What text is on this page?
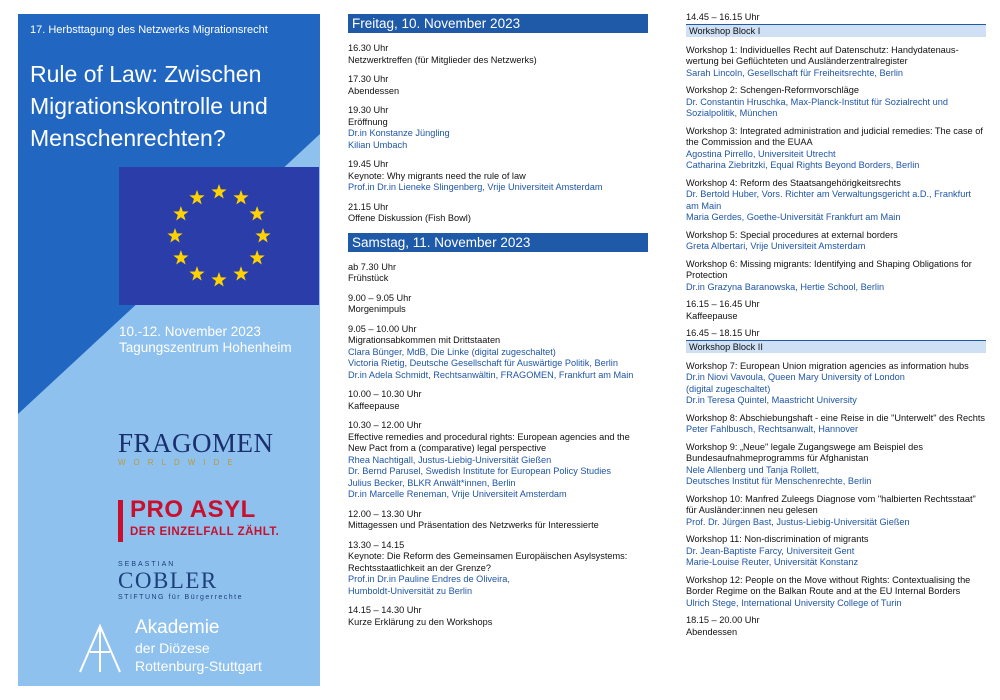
17. Herbsttagung des Netzwerks Migrationsrecht
Rule of Law: Zwischen Migrationskontrolle und Menschenrechten?
10.-12. November 2023
Tagungszentrum Hohenheim
FRAGOMEN
WORLDWIDE
PRO ASYL
DER EINZELFALL ZÄHLT.
SEBASTIAN
COBLER
STIFTUNG für Bürgerrechte
Akademie
der Diözese
Rottenburg-Stuttgart
Freitag, 10. November 2023

16.30 Uhr

Netzwerktreffen (für Mitglieder des Netzwerks)

17.30 Uhr

Abendessen

19.30 Uhr

Eröffnung

Dr.in Konstanze Jüngling

Kilian Umbach

19.45 Uhr

Keynote: Why migrants need the rule of law

Prof.in Dr.in Lieneke Slingenberg, Vrije Universiteit Amsterdam

21.15 Uhr

Offene Diskussion (Fish Bowl)

Samstag, 11. November 2023

ab 7.30 Uhr

Frühstück

9.00 – 9.05 Uhr

Morgenimpuls

9.05 – 10.00 Uhr

Migrationsabkommen mit Drittstaaten

Clara Bünger, MdB, Die Linke (digital zugeschaltet)

Victoria Rietig, Deutsche Gesellschaft für Auswärtige Politik, Berlin

Dr.in Adela Schmidt, Rechtsanwältin, FRAGOMEN, Frankfurt am Main

10.00 – 10.30 Uhr

Kaffeepause

10.30 – 12.00 Uhr

Effective remedies and procedural rights: European agencies and the New Pact from a (comparative) legal perspective

Rhea Nachtigall, Justus-Liebig-Universität Gießen

Dr. Bernd Parusel, Swedish Institute for European Policy Studies

Julius Becker, BLKR Anwält*innen, Berlin

Dr.in Marcelle Reneman, Vrije Universiteit Amsterdam

12.00 – 13.30 Uhr

Mittagessen und Präsentation des Netzwerks für Interessierte

13.30 – 14.15

Keynote: Die Reform des Gemeinsamen Europäischen Asylsystems: Rechtsstaatlichkeit an der Grenze?

Prof.in Dr.in Pauline Endres de Oliveira,

Humboldt-Universität zu Berlin

14.15 – 14.30 Uhr

Kurze Erklärung zu den Workshops

14.45 – 16.15 Uhr

Workshop Block I

Workshop 1: Individuelles Recht auf Datenschutz: Handydatenaus-wertung bei Geflüchteten und Ausländerzentralregister

Sarah Lincoln, Gesellschaft für Freiheitsrechte, Berlin

Workshop 2: Schengen-Reformvorschläge

Dr. Constantin Hruschka, Max-Planck-Institut für Sozialrecht und Sozialpolitik, München

Workshop 3: Integrated administration and judicial remedies: The case of the Commission and the EUAA

Agostina Pirrello, Universiteit Utrecht

Catharina Ziebritzki, Equal Rights Beyond Borders, Berlin

Workshop 4: Reform des Staatsangehörigkeitsrechts

Dr. Bertold Huber, Vors. Richter am Verwaltungsgericht a.D., Frankfurt am Main

Maria Gerdes, Goethe-Universität Frankfurt am Main

Workshop 5: Special procedures at external borders

Greta Albertari, Vrije Universiteit Amsterdam

Workshop 6: Missing migrants: Identifying and Shaping Obligations for Protection

Dr.in Grazyna Baranowska, Hertie School, Berlin

16.15 – 16.45 Uhr

Kaffeepause

16.45 – 18.15 Uhr

Workshop Block II

Workshop 7: European Union migration agencies as information hubs

Dr.in Niovi Vavoula, Queen Mary University of London

(digital zugeschaltet)

Dr.in Teresa Quintel, Maastricht University

Workshop 8: Abschiebungshaft - eine Reise in die "Unterwelt" des Rechts

Peter Fahlbusch, Rechtsanwalt, Hannover

Workshop 9: „Neue" legale Zugangswege am Beispiel des Bundesaufnahmeprogramms für Afghanistan

Nele Allenberg und Tanja Rollett,

Deutsches Institut für Menschenrechte, Berlin

Workshop 10: Manfred Zuleegs Diagnose vom "halbierten Rechtsstaat" für Ausländer:innen neu gelesen

Prof. Dr. Jürgen Bast, Justus-Liebig-Universität Gießen

Workshop 11: Non-discrimination of migrants

Dr. Jean-Baptiste Farcy, Universiteit Gent

Marie-Louise Reuter, Universität Konstanz

Workshop 12: People on the Move without Rights: Contextualising the Border Regime on the Balkan Route and at the EU Internal Borders

Ulrich Stege, International University College of Turin

18.15 – 20.00 Uhr

Abendessen
